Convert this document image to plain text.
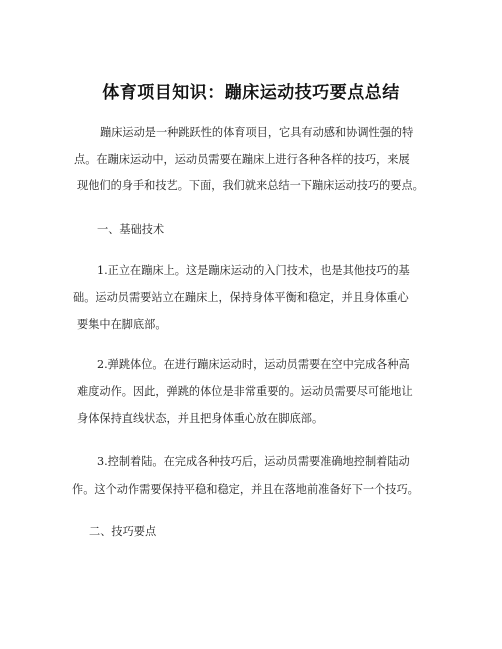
体育项目知识：蹦床运动技巧要点总结
蹦床运动是一种跳跃性的体育项目，它具有动感和协调性强的特
点。在蹦床运动中，运动员需要在蹦床上进行各种各样的技巧，来展
现他们的身手和技艺。下面，我们就来总结一下蹦床运动技巧的要点。
一、基础技术
1.正立在蹦床上。这是蹦床运动的入门技术，也是其他技巧的基
础。运动员需要站立在蹦床上，保持身体平衡和稳定，并且身体重心
要集中在脚底部。
2.弹跳体位。在进行蹦床运动时，运动员需要在空中完成各种高
难度动作。因此，弹跳的体位是非常重要的。运动员需要尽可能地让
身体保持直线状态，并且把身体重心放在脚底部。
3.控制着陆。在完成各种技巧后，运动员需要准确地控制着陆动
作。这个动作需要保持平稳和稳定，并且在落地前准备好下一个技巧。
二、技巧要点
